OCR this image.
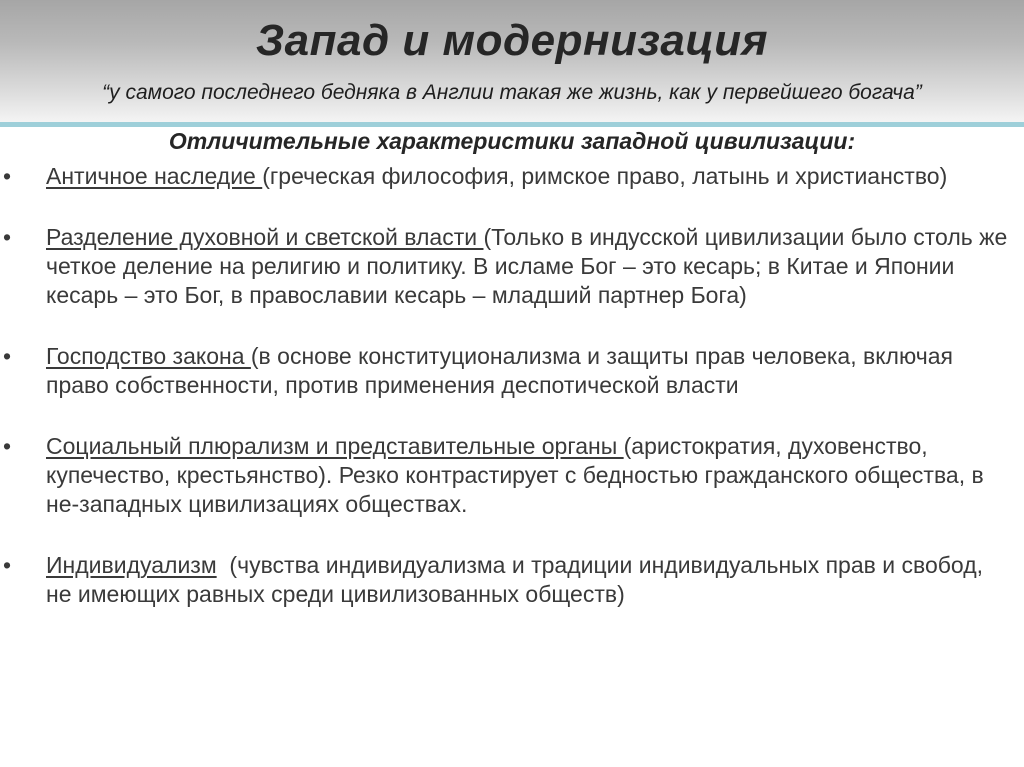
Запад и модернизация

“у самого последнего бедняка в Англии такая же жизнь, как у первейшего богача”

Отличительные характеристики западной цивилизации:
• Античное наследие (греческая философия, римское право, латынь и христианство)
• Разделение духовной и светской власти (Только в индусской цивилизации было столь же четкое деление на религию и политику. В исламе Бог – это кесарь; в Китае и Японии кесарь – это Бог, в православии кесарь – младший партнер Бога)
• Господство закона (в основе конституционализма и защиты прав человека, включая право собственности, против применения деспотической власти
• Социальный плюрализм и представительные органы (аристократия, духовенство, купечество, крестьянство). Резко контрастирует с бедностью гражданского общества, в не-западных цивилизациях обществах.
• Индивидуализм  (чувства индивидуализма и традиции индивидуальных прав и свобод, не имеющих равных среди цивилизованных обществ)
